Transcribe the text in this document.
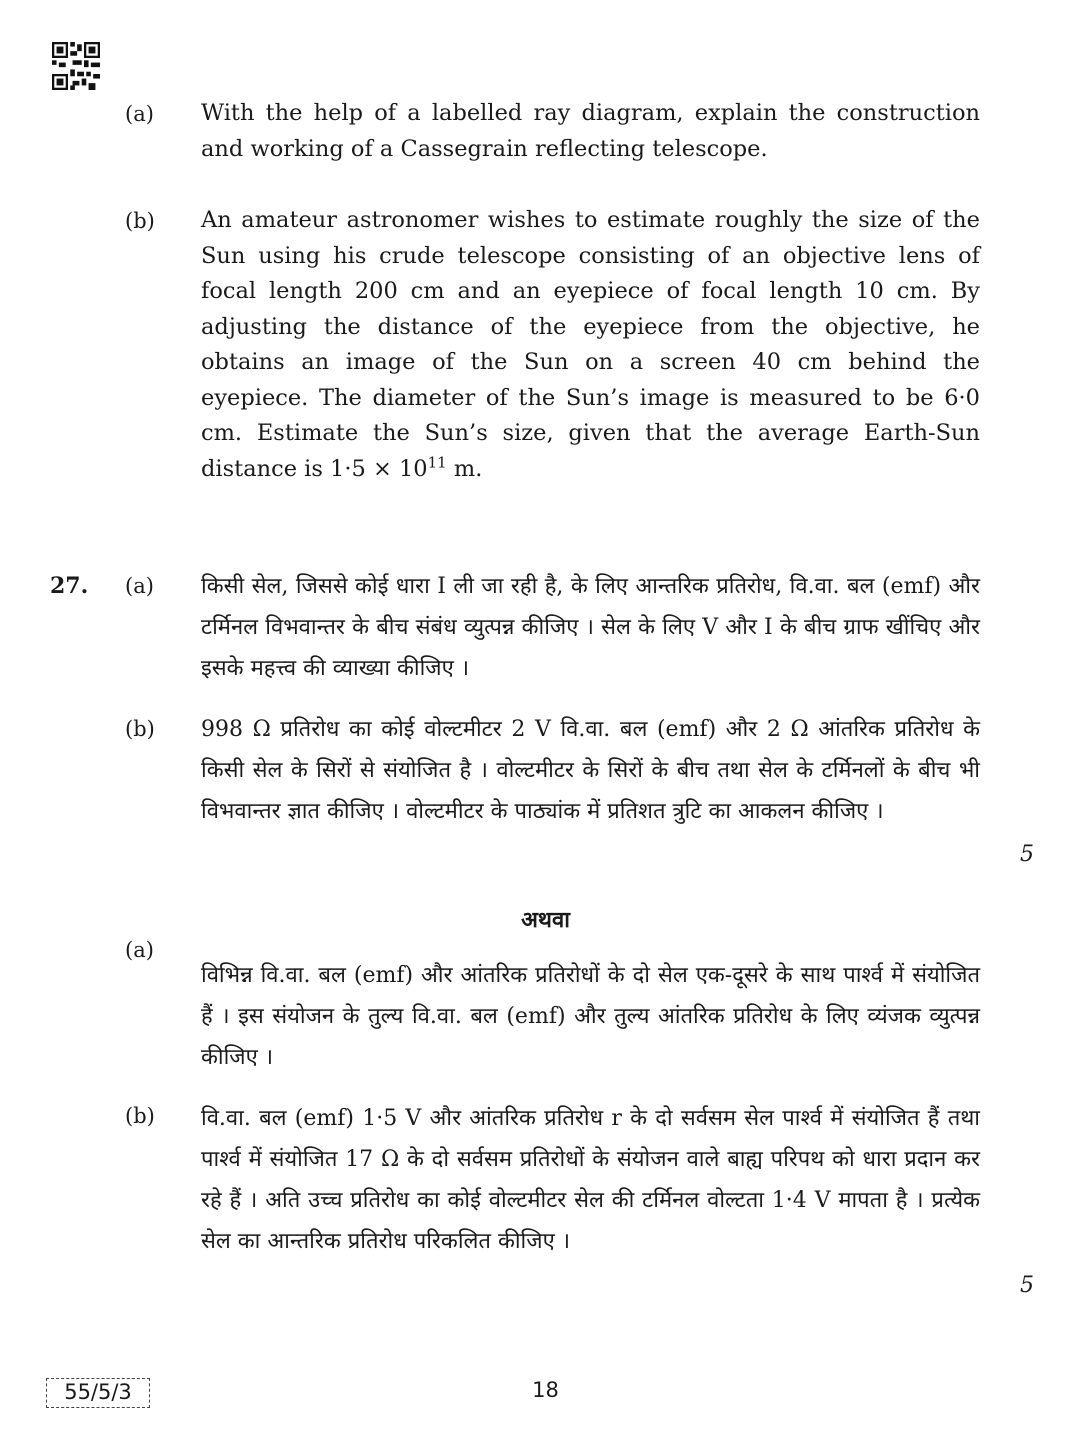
(a) With the help of a labelled ray diagram, explain the construction and working of a Cassegrain reflecting telescope.
(b) An amateur astronomer wishes to estimate roughly the size of the Sun using his crude telescope consisting of an objective lens of focal length 200 cm and an eyepiece of focal length 10 cm. By adjusting the distance of the eyepiece from the objective, he obtains an image of the Sun on a screen 40 cm behind the eyepiece. The diameter of the Sun’s image is measured to be 6·0 cm. Estimate the Sun’s size, given that the average Earth-Sun distance is $1\cdot 5 \times 10^{11}$ m.
27. (a) किसी सेल, जिससे कोई धारा I ली जा रही है, के लिए आन्तरिक प्रतिरोध, वि.वा. बल (emf) और टर्मिनल विभवान्तर के बीच संबंध व्युत्पन्न कीजिए । सेल के लिए V और I के बीच ग्राफ खींचिए और इसके महत्त्व की व्याख्या कीजिए ।
(b) 998 Ω प्रतिरोध का कोई वोल्टमीटर 2 V वि.वा. बल (emf) और 2 Ω आंतरिक प्रतिरोध के किसी सेल के सिरों से संयोजित है । वोल्टमीटर के सिरों के बीच तथा सेल के टर्मिनलों के बीच भी विभवान्तर ज्ञात कीजिए । वोल्टमीटर के पाठ्यांक में प्रतिशत त्रुटि का आकलन कीजिए ।
5
अथवा
(a)
विभिन्न वि.वा. बल (emf) और आंतरिक प्रतिरोधों के दो सेल एक-दूसरे के साथ पार्श्व में संयोजित हैं । इस संयोजन के तुल्य वि.वा. बल (emf) और तुल्य आंतरिक प्रतिरोध के लिए व्यंजक व्युत्पन्न कीजिए ।
(b) वि.वा. बल (emf) 1·5 V और आंतरिक प्रतिरोध r के दो सर्वसम सेल पार्श्व में संयोजित हैं तथा पार्श्व में संयोजित 17 Ω के दो सर्वसम प्रतिरोधों के संयोजन वाले बाह्य परिपथ को धारा प्रदान कर रहे हैं । अति उच्च प्रतिरोध का कोई वोल्टमीटर सेल की टर्मिनल वोल्टता 1·4 V मापता है । प्रत्येक सेल का आन्तरिक प्रतिरोध परिकलित कीजिए ।
5
55/5/3	18
